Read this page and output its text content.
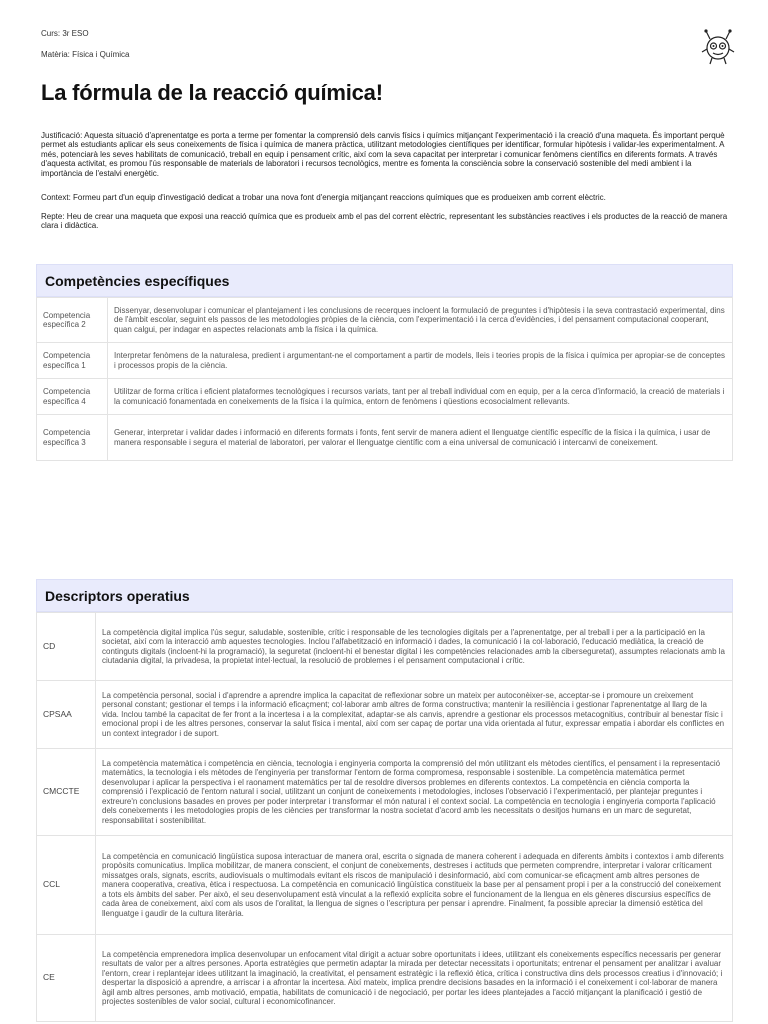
Curs: 3r ESO
Matèria: Física i Química
La fórmula de la reacció química!

Justificació: Aquesta situació d'aprenentatge es porta a terme per fomentar la comprensió dels canvis físics i químics mitjançant l'experimentació i la creació d'una maqueta. És important perquè permet als estudiants aplicar els seus coneixements de física i química de manera pràctica, utilitzant metodologies científiques per identificar, formular hipòtesis i validar-les experimentalment. A més, potenciarà les seves habilitats de comunicació, treball en equip i pensament crític, així com la seva capacitat per interpretar i comunicar fenòmens científics en diferents formats. A través d'aquesta activitat, es promou l'ús responsable de materials de laboratori i recursos tecnològics, mentre es fomenta la consciència sobre la conservació sostenible del medi ambient i la importància de l'estalvi energètic.

Context: Formeu part d'un equip d'investigació dedicat a trobar una nova font d'energia mitjançant reaccions químiques que es produeixen amb corrent elèctric.

Repte: Heu de crear una maqueta que exposi una reacció química que es produeix amb el pas del corrent elèctric, representant les substàncies reactives i els productes de la reacció de manera clara i didàctica.

Competències específiques
Competencia específica 2	Dissenyar, desenvolupar i comunicar el plantejament i les conclusions de recerques incloent la formulació de preguntes i d'hipòtesis i la seva contrastació experimental, dins de l'àmbit escolar, seguint els passos de les metodologies pròpies de la ciència, com l'experimentació i la cerca d'evidències, i del pensament computacional cooperant, quan calgui, per indagar en aspectes relacionats amb la física i la química.
Competencia específica 1	Interpretar fenòmens de la naturalesa, predient i argumentant-ne el comportament a partir de models, lleis i teories propis de la física i química per apropiar-se de conceptes i processos propis de la ciència.
Competencia específica 4	Utilitzar de forma crítica i eficient plataformes tecnològiques i recursos variats, tant per al treball individual com en equip, per a la cerca d'informació, la creació de materials i la comunicació fonamentada en coneixements de la física i la química, entorn de fenòmens i qüestions ecosocialment rellevants.
Competencia específica 3	Generar, interpretar i validar dades i informació en diferents formats i fonts, fent servir de manera adient el llenguatge científic específic de la física i la química, i usar de manera responsable i segura el material de laboratori, per valorar el llenguatge científic com a eina universal de comunicació i intercanvi de coneixement.
Descriptors operatius
CD	La competència digital implica l'ús segur, saludable, sostenible, crític i responsable de les tecnologies digitals per a l'aprenentatge, per al treball i per a la participació en la societat, així com la interacció amb aquestes tecnologies. Inclou l'alfabetització en informació i dades, la comunicació i la col·laboració, l'educació mediàtica, la creació de continguts digitals (incloent-hi la programació), la seguretat (incloent-hi el benestar digital i les competències relacionades amb la ciberseguretat), assumptes relacionats amb la ciutadania digital, la privadesa, la propietat intel·lectual, la resolució de problemes i el pensament computacional i crític.
CPSAA	La competència personal, social i d'aprendre a aprendre implica la capacitat de reflexionar sobre un mateix per autoconèixer-se, acceptar-se i promoure un creixement personal constant; gestionar el temps i la informació eficaçment; col·laborar amb altres de forma constructiva; mantenir la resiliència i gestionar l'aprenentatge al llarg de la vida. Inclou també la capacitat de fer front a la incertesa i a la complexitat, adaptar-se als canvis, aprendre a gestionar els processos metacognitius, contribuir al benestar físic i emocional propi i de les altres persones, conservar la salut física i mental, així com ser capaç de portar una vida orientada al futur, expressar empatia i abordar els conflictes en un context integrador i de suport.
CMCCTE	La competència matemàtica i competència en ciència, tecnologia i enginyeria comporta la comprensió del món utilitzant els mètodes científics, el pensament i la representació matemàtics, la tecnologia i els mètodes de l'enginyeria per transformar l'entorn de forma compromesa, responsable i sostenible. La competència matemàtica permet desenvolupar i aplicar la perspectiva i el raonament matemàtics per tal de resoldre diversos problemes en diferents contextos. La competència en ciència comporta la comprensió i l'explicació de l'entorn natural i social, utilitzant un conjunt de coneixements i metodologies, incloses l'observació i l'experimentació, per plantejar preguntes i extreure'n conclusions basades en proves per poder interpretar i transformar el món natural i el context social. La competència en tecnologia i enginyeria comporta l'aplicació dels coneixements i les metodologies propis de les ciències per transformar la nostra societat d'acord amb les necessitats o desitjos humans en un marc de seguretat, responsabilitat i sostenibilitat.
CCL	La competència en comunicació lingüística suposa interactuar de manera oral, escrita o signada de manera coherent i adequada en diferents àmbits i contextos i amb diferents propòsits comunicatius. Implica mobilitzar, de manera conscient, el conjunt de coneixements, destreses i actituds que permeten comprendre, interpretar i valorar críticament missatges orals, signats, escrits, audiovisuals o multimodals evitant els riscos de manipulació i desinformació, així com comunicar-se eficaçment amb altres persones de manera cooperativa, creativa, ètica i respectuosa. La competència en comunicació lingüística constitueix la base per al pensament propi i per a la construcció del coneixement a tots els àmbits del saber. Per això, el seu desenvolupament està vinculat a la reflexió explícita sobre el funcionament de la llengua en els gèneres discursius específics de cada àrea de coneixement, així com als usos de l'oralitat, la llengua de signes o l'escriptura per pensar i aprendre. Finalment, fa possible apreciar la dimensió estètica del llenguatge i gaudir de la cultura literària.
CE	La competència emprenedora implica desenvolupar un enfocament vital dirigit a actuar sobre oportunitats i idees, utilitzant els coneixements específics necessaris per generar resultats de valor per a altres persones. Aporta estratègies que permetin adaptar la mirada per detectar necessitats i oportunitats; entrenar el pensament per analitzar i avaluar l'entorn, crear i replantejar idees utilitzant la imaginació, la creativitat, el pensament estratègic i la reflexió ètica, crítica i constructiva dins dels processos creatius i d'innovació; i despertar la disposició a aprendre, a arriscar i a afrontar la incertesa. Així mateix, implica prendre decisions basades en la informació i el coneixement i col·laborar de manera àgil amb altres persones, amb motivació, empatia, habilitats de comunicació i de negociació, per portar les idees plantejades a l'acció mitjançant la planificació i gestió de projectes sostenibles de valor social, cultural i economicofinancer.
